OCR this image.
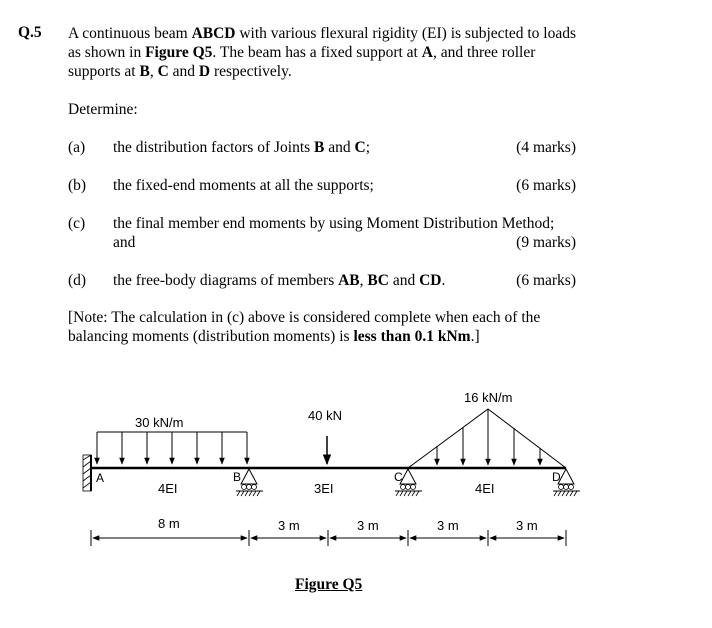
Q.5 A continuous beam ABCD with various flexural rigidity (EI) is subjected to loads as shown in Figure Q5. The beam has a fixed support at A, and three roller supports at B, C and D respectively.
Determine:
(a) the distribution factors of Joints B and C;	(4 marks)
(b) the fixed-end moments at all the supports;	(6 marks)
(c) the final member end moments by using Moment Distribution Method;
and	(9 marks)
(d) the free-body diagrams of members AB, BC and CD.	(6 marks)
[Note: The calculation in (c) above is considered complete when each of the balancing moments (distribution moments) is less than 0.1 kNm.]
30 kN/m	40 kN
16 kN/m
A	B	C	D
4EI	3EI	4EI
8 m	3 m	3 m	3 m	3 m
Figure Q5
